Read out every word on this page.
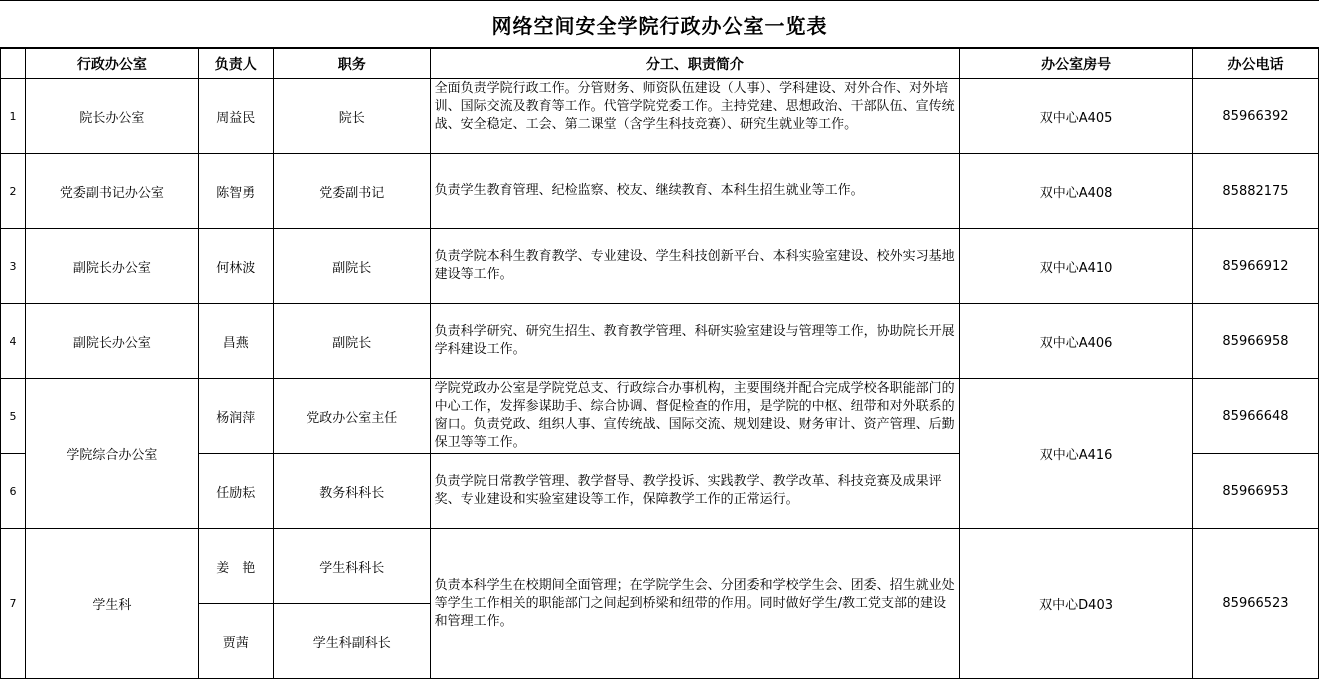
网络空间安全学院行政办公室一览表
	行政办公室	负责人	职务	分工、职责简介	办公室房号	办公电话
1	院长办公室	周益民	院长	全面负责学院行政工作。分管财务、师资队伍建设（人事）、学科建设、对外合作、对外培训、国际交流及教育等工作。代管学院党委工作。主持党建、思想政治、干部队伍、宣传统战、安全稳定、工会、第二课堂（含学生科技竞赛）、研究生就业等工作。	双中心A405	85966392
2	党委副书记办公室	陈智勇	党委副书记	负责学生教育管理、纪检监察、校友、继续教育、本科生招生就业等工作。	双中心A408	85882175
3	副院长办公室	何林波	副院长	负责学院本科生教育教学、专业建设、学生科技创新平台、本科实验室建设、校外实习基地建设等工作。	双中心A410	85966912
4	副院长办公室	昌燕	副院长	负责科学研究、研究生招生、教育教学管理、科研实验室建设与管理等工作，协助院长开展学科建设工作。	双中心A406	85966958
5	学院综合办公室	杨润萍	党政办公室主任	学院党政办公室是学院党总支、行政综合办事机构，主要围绕并配合完成学校各职能部门的中心工作，发挥参谋助手、综合协调、督促检查的作用，是学院的中枢、纽带和对外联系的窗口。负责党政、组织人事、宣传统战、国际交流、规划建设、财务审计、资产管理、后勤保卫等等工作。	双中心A416	85966648
6		任励耘	教务科科长	负责学院日常教学管理、教学督导、教学投诉、实践教学、教学改革、科技竞赛及成果评奖、专业建设和实验室建设等工作，保障教学工作的正常运行。		85966953
7	学生科	姜　艳	学生科科长	负责本科学生在校期间全面管理；在学院学生会、分团委和学校学生会、团委、招生就业处等学生工作相关的职能部门之间起到桥梁和纽带的作用。同时做好学生/教工党支部的建设和管理工作。	双中心D403	85966523
		贾茜	学生科副科长			
